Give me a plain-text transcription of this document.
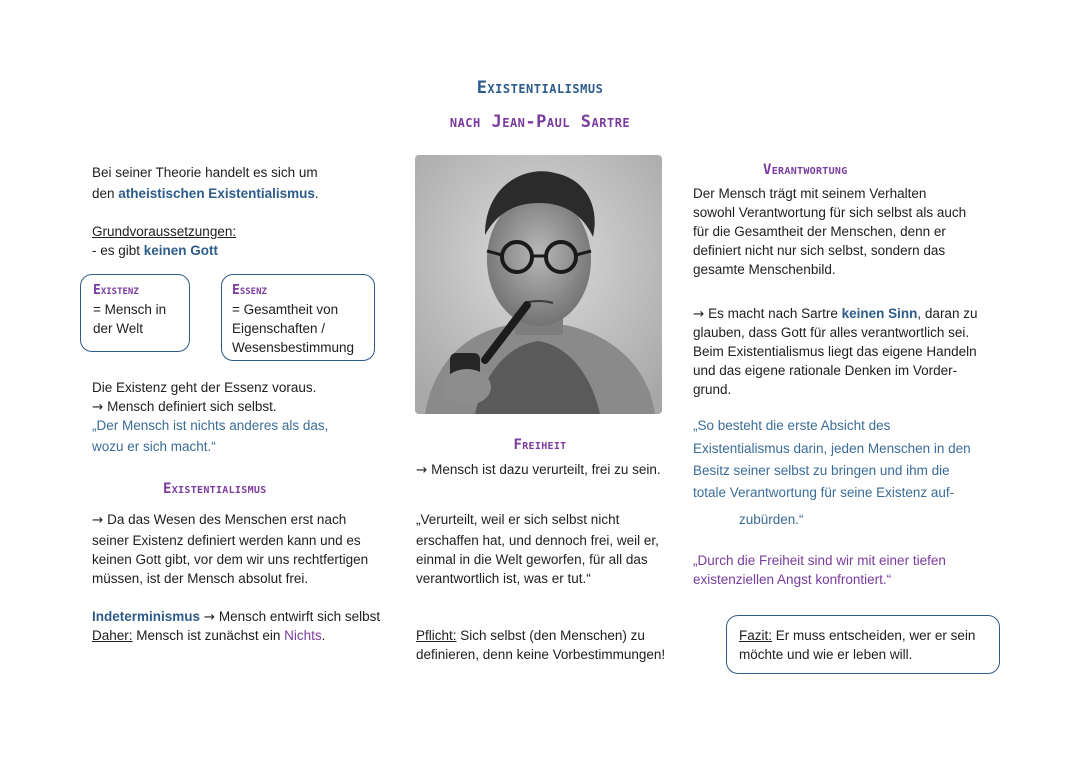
Existentialismus
nach Jean-Paul Sartre
Bei seiner Theorie handelt es sich um
den atheistischen Existentialismus.
Grundvoraussetzungen:
- es gibt keinen Gott
Existenz
= Mensch in
der Welt
Essenz
= Gesamtheit von
Eigenschaften /
Wesensbestimmung
Die Existenz geht der Essenz voraus.
→ Mensch definiert sich selbst.
„Der Mensch ist nichts anderes als das,
wozu er sich macht.“
Existentialismus
→ Da das Wesen des Menschen erst nach
seiner Existenz definiert werden kann und es
keinen Gott gibt, vor dem wir uns rechtfertigen
müssen, ist der Mensch absolut frei.
Indeterminismus → Mensch entwirft sich selbst
Daher: Mensch ist zunächst ein Nichts.
Freiheit
→ Mensch ist dazu verurteilt, frei zu sein.
„Verurteilt, weil er sich selbst nicht
erschaffen hat, und dennoch frei, weil er,
einmal in die Welt geworfen, für all das
verantwortlich ist, was er tut.“
Pflicht: Sich selbst (den Menschen) zu
definieren, denn keine Vorbestimmungen!
Verantwortung
Der Mensch trägt mit seinem Verhalten
sowohl Verantwortung für sich selbst als auch
für die Gesamtheit der Menschen, denn er
definiert nicht nur sich selbst, sondern das
gesamte Menschenbild.
→ Es macht nach Sartre keinen Sinn, daran zu
glauben, dass Gott für alles verantwortlich sei.
Beim Existentialismus liegt das eigene Handeln
und das eigene rationale Denken im Vorder-
grund.
„So besteht die erste Absicht des
Existentialismus darin, jeden Menschen in den
Besitz seiner selbst zu bringen und ihm die
totale Verantwortung für seine Existenz auf-
zubürden.“
„Durch die Freiheit sind wir mit einer tiefen
existenziellen Angst konfrontiert.“
Fazit: Er muss entscheiden, wer er sein
möchte und wie er leben will.
